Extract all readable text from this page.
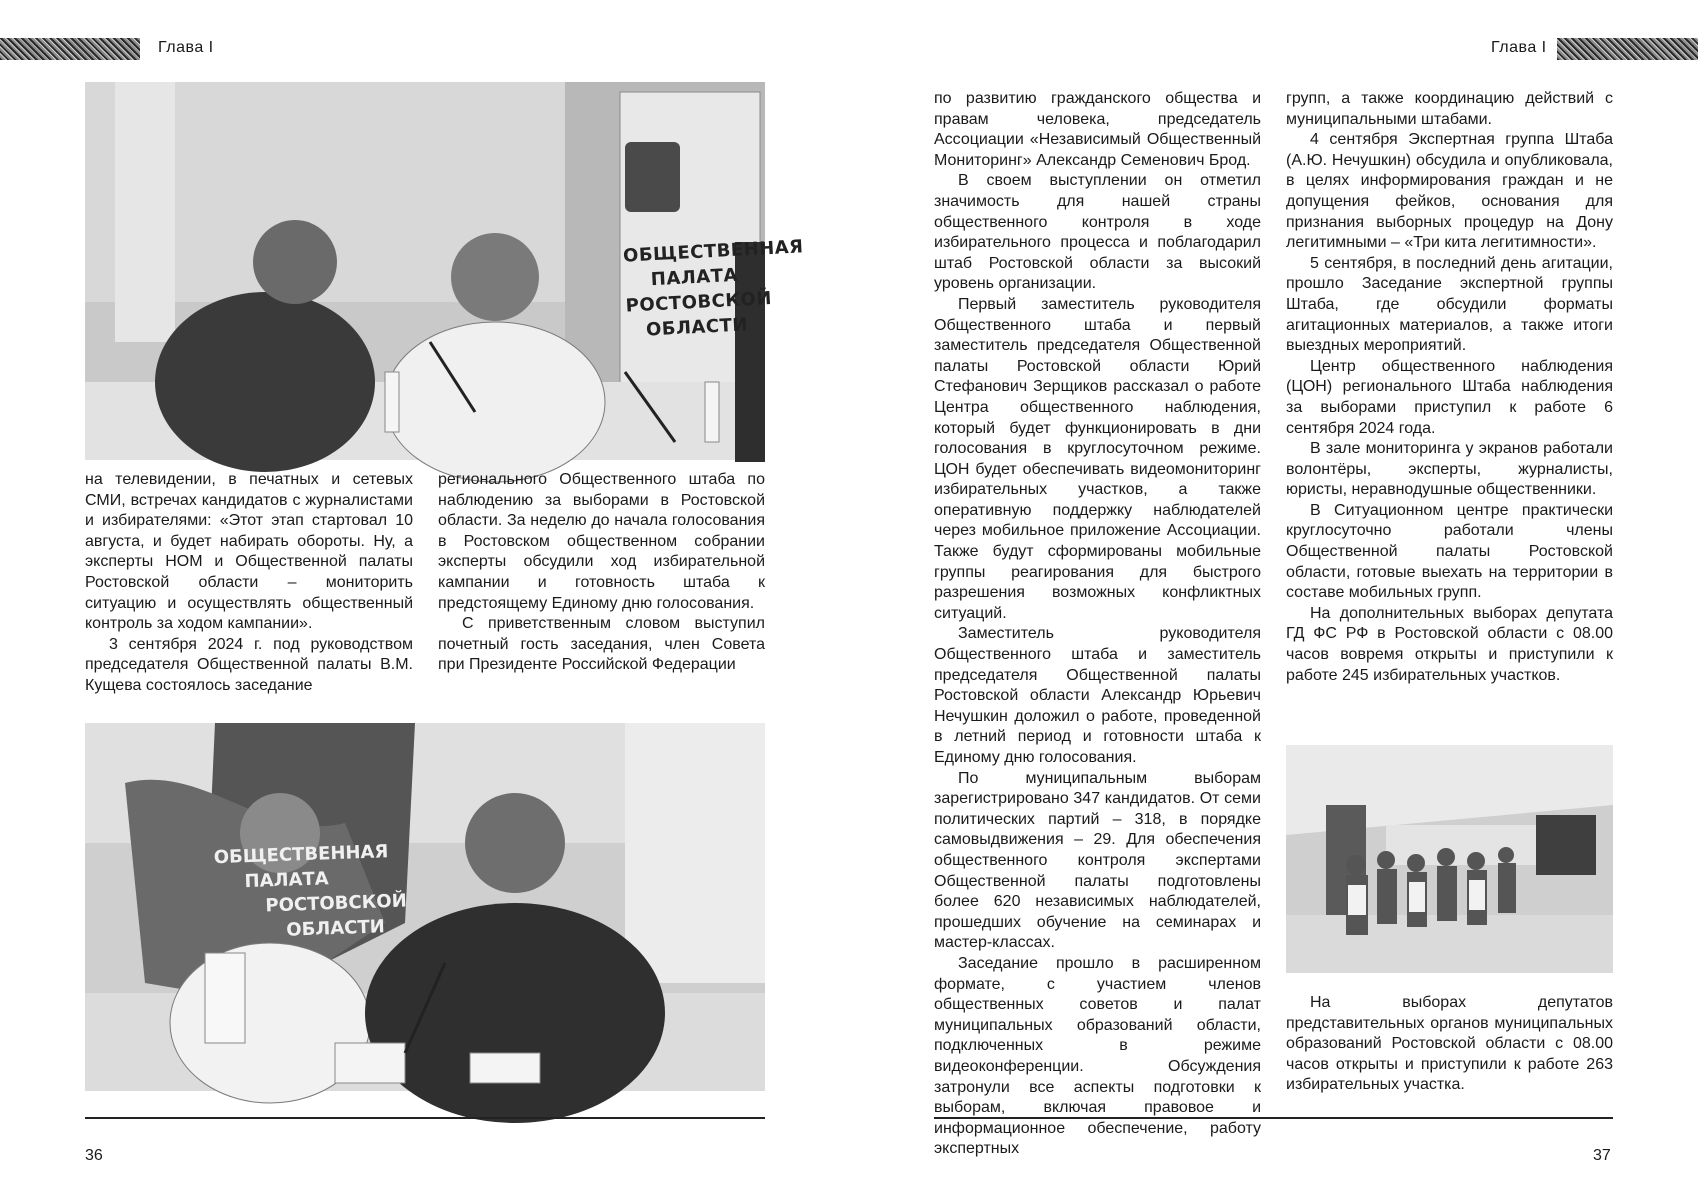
Глава I
ОБЩЕСТВЕННАЯ
ПАЛАТА
РОСТОВСКОЙ
ОБЛАСТИ

на телевидении, в печатных и сетевых СМИ, встречах кандидатов с журналистами и избирателями: «Этот этап стартовал 10 августа, и будет набирать обороты. Ну, а эксперты НОМ и Общественной палаты Ростовской области – мониторить ситуацию и осуществлять общественный контроль за ходом кампании».

3 сентября 2024 г. под руководством председателя Общественной палаты В.М. Кущева состоялось заседание

регионального Общественного штаба по наблюдению за выборами в Ростовской области. За неделю до начала голосования в Ростовском общественном собрании эксперты обсудили ход избирательной кампании и готовность штаба к предстоящему Единому дню голосования.

С приветственным словом выступил почетный гость заседания, член Совета при Президенте Российской Федерации

ОБЩЕСТВЕННАЯ
ПАЛАТА
РОСТОВСКОЙ
ОБЛАСТИ
36
Глава I

по развитию гражданского общества и правам человека, председатель Ассоциации «Независимый Общественный Мониторинг» Александр Семенович Брод.

В своем выступлении он отметил значимость для нашей страны общественного контроля в ходе избирательного процесса и поблагодарил штаб Ростовской области за высокий уровень организации.

Первый заместитель руководителя Общественного штаба и первый заместитель председателя Общественной палаты Ростовской области Юрий Стефанович Зерщиков рассказал о работе Центра общественного наблюдения, который будет функционировать в дни голосования в круглосуточном режиме. ЦОН будет обеспечивать видеомониторинг избирательных участков, а также оперативную поддержку наблюдателей через мобильное приложение Ассоциации. Также будут сформированы мобильные группы реагирования для быстрого разрешения возможных конфликтных ситуаций.

Заместитель руководителя Общественного штаба и заместитель председателя Общественной палаты Ростовской области Александр Юрьевич Нечушкин доложил о работе, проведенной в летний период и готовности штаба к Единому дню голосования.

По муниципальным выборам зарегистрировано 347 кандидатов. От семи политических партий – 318, в порядке самовыдвижения – 29. Для обеспечения общественного контроля экспертами Общественной палаты подготовлены более 620 независимых наблюдателей, прошедших обучение на семинарах и мастер-классах.

Заседание прошло в расширенном формате, с участием членов общественных советов и палат муниципальных образований области, подключенных в режиме видеоконференции. Обсуждения затронули все аспекты подготовки к выборам, включая правовое и информационное обеспечение, работу экспертных

групп, а также координацию действий с муниципальными штабами.

4 сентября Экспертная группа Штаба (А.Ю. Нечушкин) обсудила и опубликовала, в целях информирования граждан и не допущения фейков, основания для признания выборных процедур на Дону легитимными – «Три кита легитимности».

5 сентября, в последний день агитации, прошло Заседание экспертной группы Штаба, где обсудили форматы агитационных материалов, а также итоги выездных мероприятий.

Центр общественного наблюдения (ЦОН) регионального Штаба наблюдения за выборами приступил к работе 6 сентября 2024 года.

В зале мониторинга у экранов работали волонтёры, эксперты, журналисты, юристы, неравнодушные общественники.

В Ситуационном центре практически круглосуточно работали члены Общественной палаты Ростовской области, готовые выехать на территории в составе мобильных групп.

На дополнительных выборах депутата ГД ФС РФ в Ростовской области с 08.00 часов вовремя открыты и приступили к работе 245 избирательных участков.

На выборах депутатов представительных органов муниципальных образований Ростовской области с 08.00 часов открыты и приступили к работе 263 избирательных участка.

37
